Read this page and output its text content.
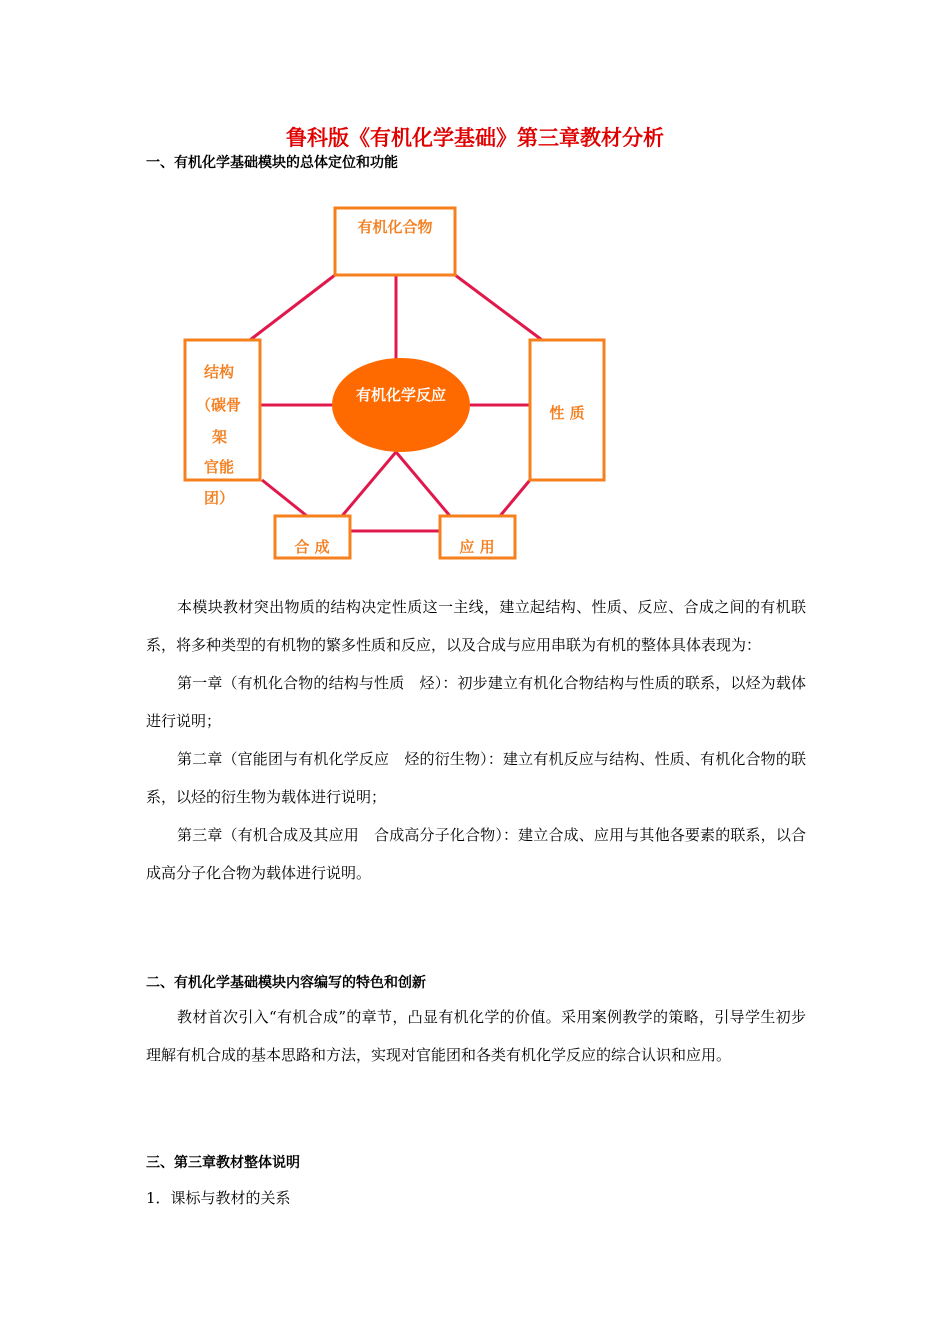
鲁科版《有机化学基础》第三章教材分析
一、有机化学基础模块的总体定位和功能
有机化合物
有机化学反应
结构
（碳骨
架
官能
团）
性 质
合 成	应 用

本模块教材突出物质的结构决定性质这一主线，建立起结构、性质、反应、合成之间的有机联系，将多种类型的有机物的繁多性质和反应，以及合成与应用串联为有机的整体具体表现为：

第一章（有机化合物的结构与性质　烃）：初步建立有机化合物结构与性质的联系，以烃为载体进行说明；

第二章（官能团与有机化学反应　烃的衍生物）：建立有机反应与结构、性质、有机化合物的联系，以烃的衍生物为载体进行说明；

第三章（有机合成及其应用　合成高分子化合物）：建立合成、应用与其他各要素的联系，以合成高分子化合物为载体进行说明。

二、有机化学基础模块内容编写的特色和创新

教材首次引入“有机合成”的章节，凸显有机化学的价值。采用案例教学的策略，引导学生初步理解有机合成的基本思路和方法，实现对官能团和各类有机化学反应的综合认识和应用。

三、第三章教材整体说明
1．课标与教材的关系
